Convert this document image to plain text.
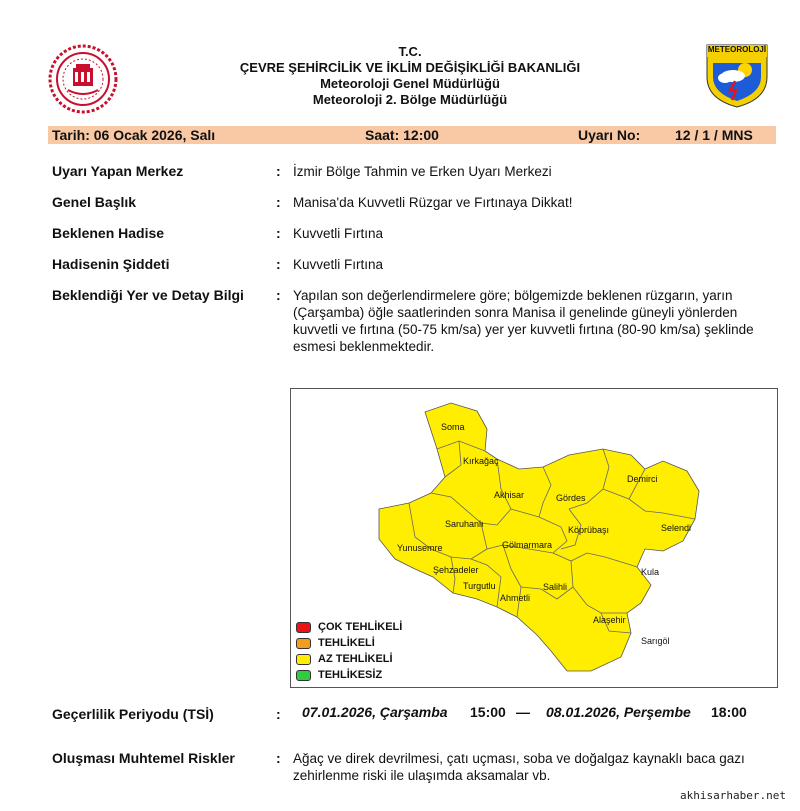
T.C.
ÇEVRE ŞEHİRCİLİK VE İKLİM DEĞİŞİKLİĞİ BAKANLIĞI
Meteoroloji Genel Müdürlüğü
Meteoroloji 2. Bölge Müdürlüğü
METEOROLOJİ
Tarih: 06 Ocak 2026, Salı	Saat: 12:00	Uyarı No: 12 / 1 / MNS
Uyarı Yapan Merkez	: İzmir Bölge Tahmin ve Erken Uyarı Merkezi
Genel Başlık	: Manisa'da Kuvvetli Rüzgar ve Fırtınaya Dikkat!
Beklenen Hadise	: Kuvvetli Fırtına
Hadisenin Şiddeti	: Kuvvetli Fırtına
Beklendiği Yer ve Detay Bilgi : Yapılan son değerlendirmelere göre; bölgemizde beklenen rüzgarın, yarın (Çarşamba) öğle saatlerinden sonra Manisa il genelinde güneyli yönlerden kuvvetli ve fırtına (50-75 km/sa) yer yer kuvvetli fırtına (80-90 km/sa) şeklinde esmesi beklenmektedir.
Soma
Kırkağaç
Akhisar	Gördes
Demirci
Selendi
Saruhanlı
Köprübaşı
Yunusemre	Gölmarmara
Şehzadeler
Turgutlu	Salihli
Kula
Ahmetli
Alaşehir
Sarıgöl
ÇOK TEHLİKELİ
TEHLİKELİ
AZ TEHLİKELİ
TEHLİKESİZ
Geçerlilik Periyodu (TSİ)	: 07.01.2026, Çarşamba 15:00 — 08.01.2026, Perşembe 18:00
Oluşması Muhtemel Riskler	: Ağaç ve direk devrilmesi, çatı uçması, soba ve doğalgaz kaynaklı baca gazı zehirlenme riski ile ulaşımda aksamalar vb.
akhisarhaber.net
